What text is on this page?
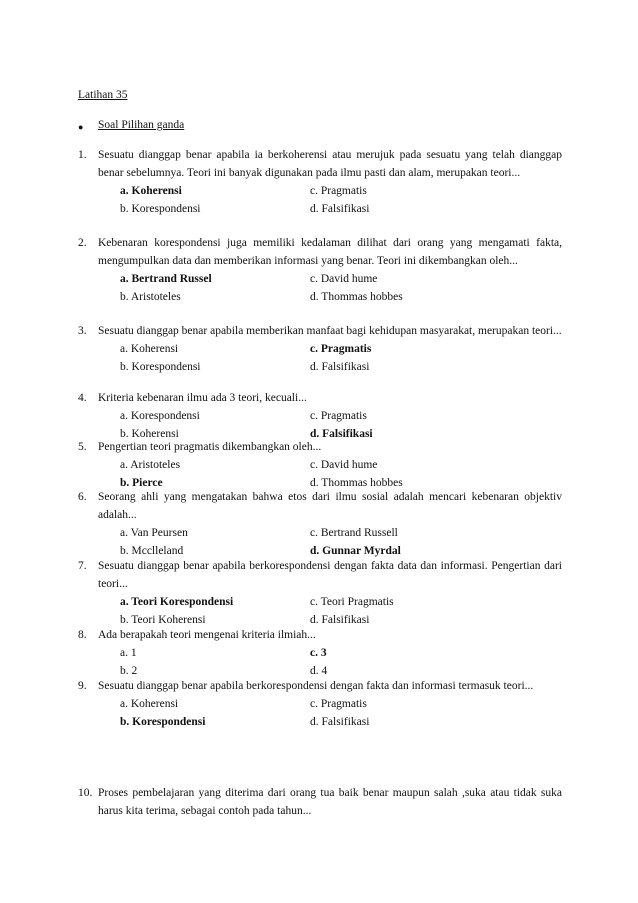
Latihan 35
● Soal Pilihan ganda
1. Sesuatu dianggap benar apabila ia berkoherensi atau merujuk pada sesuatu yang telah dianggap benar sebelumnya. Teori ini banyak digunakan pada ilmu pasti dan alam, merupakan teori...
a. Koherensi	c. Pragmatis
b. Korespondensi	d. Falsifikasi
2. Kebenaran korespondensi juga memiliki kedalaman dilihat dari orang yang mengamati fakta, mengumpulkan data dan memberikan informasi yang benar. Teori ini dikembangkan oleh...
a. Bertrand Russel	c. David hume
b. Aristoteles	d. Thommas hobbes
3. Sesuatu dianggap benar apabila memberikan manfaat bagi kehidupan masyarakat, merupakan teori...
a. Koherensi	c. Pragmatis
b. Korespondensi	d. Falsifikasi
4. Kriteria kebenaran ilmu ada 3 teori, kecuali...
a. Korespondensi	c. Pragmatis
b. Koherensi	d. Falsifikasi
5. Pengertian teori pragmatis dikembangkan oleh...
a. Aristoteles	c. David hume
b. Pierce	d. Thommas hobbes
6. Seorang ahli yang mengatakan bahwa etos dari ilmu sosial adalah mencari kebenaran objektiv adalah...
a. Van Peursen	c. Bertrand Russell
b. Mcclleland	d. Gunnar Myrdal
7. Sesuatu dianggap benar apabila berkorespondensi dengan fakta data dan informasi. Pengertian dari teori...
a. Teori Korespondensi	c. Teori Pragmatis
b. Teori Koherensi	d. Falsifikasi
8. Ada berapakah teori mengenai kriteria ilmiah...
a. 1	c. 3
b. 2	d. 4
9. Sesuatu dianggap benar apabila berkorespondensi dengan fakta dan informasi termasuk teori...
a. Koherensi	c. Pragmatis
b. Korespondensi	d. Falsifikasi
10. Proses pembelajaran yang diterima dari orang tua baik benar maupun salah ,suka atau tidak suka harus kita terima, sebagai contoh pada tahun...
